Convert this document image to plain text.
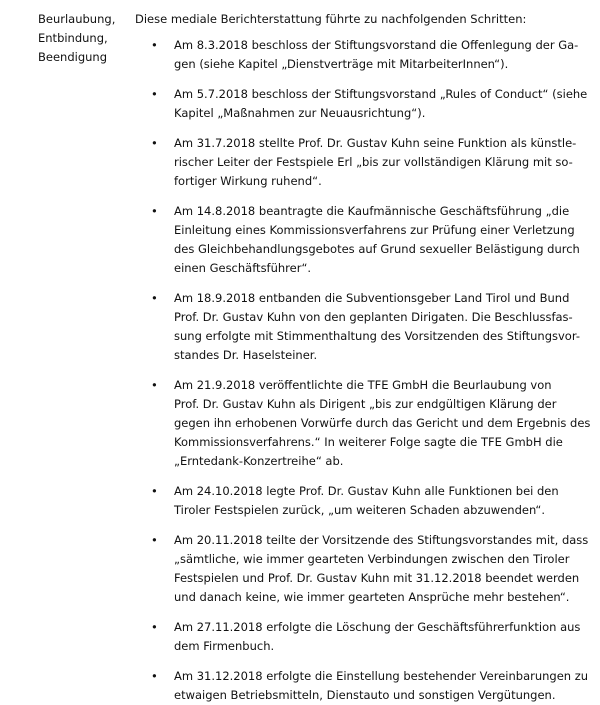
Beurlaubung,
Entbindung,
Beendigung

Diese mediale Berichterstattung führte zu nachfolgenden Schritten:

• Am 8.3.2018 beschloss der Stiftungsvorstand die Offenlegung der Ga-
gen (siehe Kapitel „Dienstverträge mit MitarbeiterInnen“).
• Am 5.7.2018 beschloss der Stiftungsvorstand „Rules of Conduct“ (siehe
Kapitel „Maßnahmen zur Neuausrichtung“).
• Am 31.7.2018 stellte Prof. Dr. Gustav Kuhn seine Funktion als künstle-
rischer Leiter der Festspiele Erl „bis zur vollständigen Klärung mit so-
fortiger Wirkung ruhend“.
• Am 14.8.2018 beantragte die Kaufmännische Geschäftsführung „die
Einleitung eines Kommissionsverfahrens zur Prüfung einer Verletzung
des Gleichbehandlungsgebotes auf Grund sexueller Belästigung durch
einen Geschäftsführer“.
• Am 18.9.2018 entbanden die Subventionsgeber Land Tirol und Bund
Prof. Dr. Gustav Kuhn von den geplanten Dirigaten. Die Beschlussfas-
sung erfolgte mit Stimmenthaltung des Vorsitzenden des Stiftungsvor-
standes Dr. Haselsteiner.
• Am 21.9.2018 veröffentlichte die TFE GmbH die Beurlaubung von
Prof. Dr. Gustav Kuhn als Dirigent „bis zur endgültigen Klärung der
gegen ihn erhobenen Vorwürfe durch das Gericht und dem Ergebnis des
Kommissionsverfahrens.“ In weiterer Folge sagte die TFE GmbH die
„Erntedank-Konzertreihe“ ab.
• Am 24.10.2018 legte Prof. Dr. Gustav Kuhn alle Funktionen bei den
Tiroler Festspielen zurück, „um weiteren Schaden abzuwenden“.
• Am 20.11.2018 teilte der Vorsitzende des Stiftungsvorstandes mit, dass
„sämtliche, wie immer gearteten Verbindungen zwischen den Tiroler
Festspielen und Prof. Dr. Gustav Kuhn mit 31.12.2018 beendet werden
und danach keine, wie immer gearteten Ansprüche mehr bestehen“.
• Am 27.11.2018 erfolgte die Löschung der Geschäftsführerfunktion aus
dem Firmenbuch.
• Am 31.12.2018 erfolgte die Einstellung bestehender Vereinbarungen zu
etwaigen Betriebsmitteln, Dienstauto und sonstigen Vergütungen.
